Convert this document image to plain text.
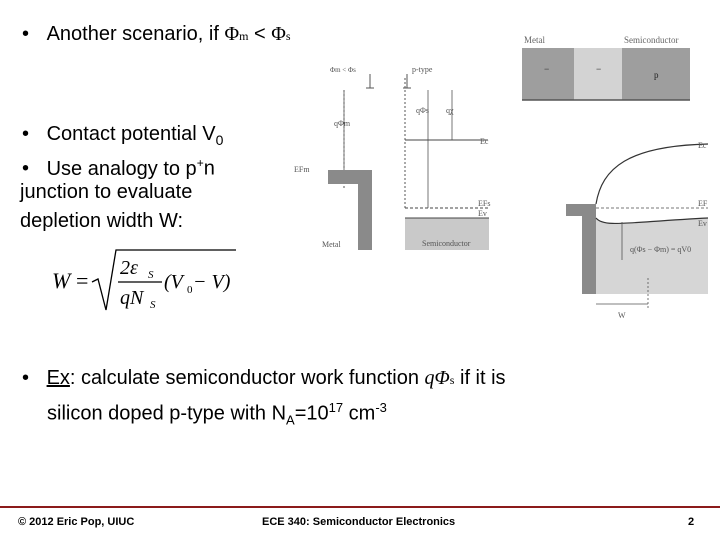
• Another scenario, if Φm < Φs
• Contact potential $V_0$
• Use analogy to p+n
junction to evaluate
depletion width W:
W = 2ε S
qN S
(V 0 − V)
Metal	Semiconductor
−	−
p
Φm < Φs	p-type
qΦs qχ
qΦm
EFm
Ec
EFs
Ev
Metal	Semiconductor
Ec
EF
Ev
q(Φs − Φm) = qV0
W
• Ex: calculate semiconductor work function qΦs if it is
silicon doped p-type with $N_A=10^{17}$ $cm^{-3}$
© 2012 Eric Pop, UIUC	ECE 340: Semiconductor Electronics	2
